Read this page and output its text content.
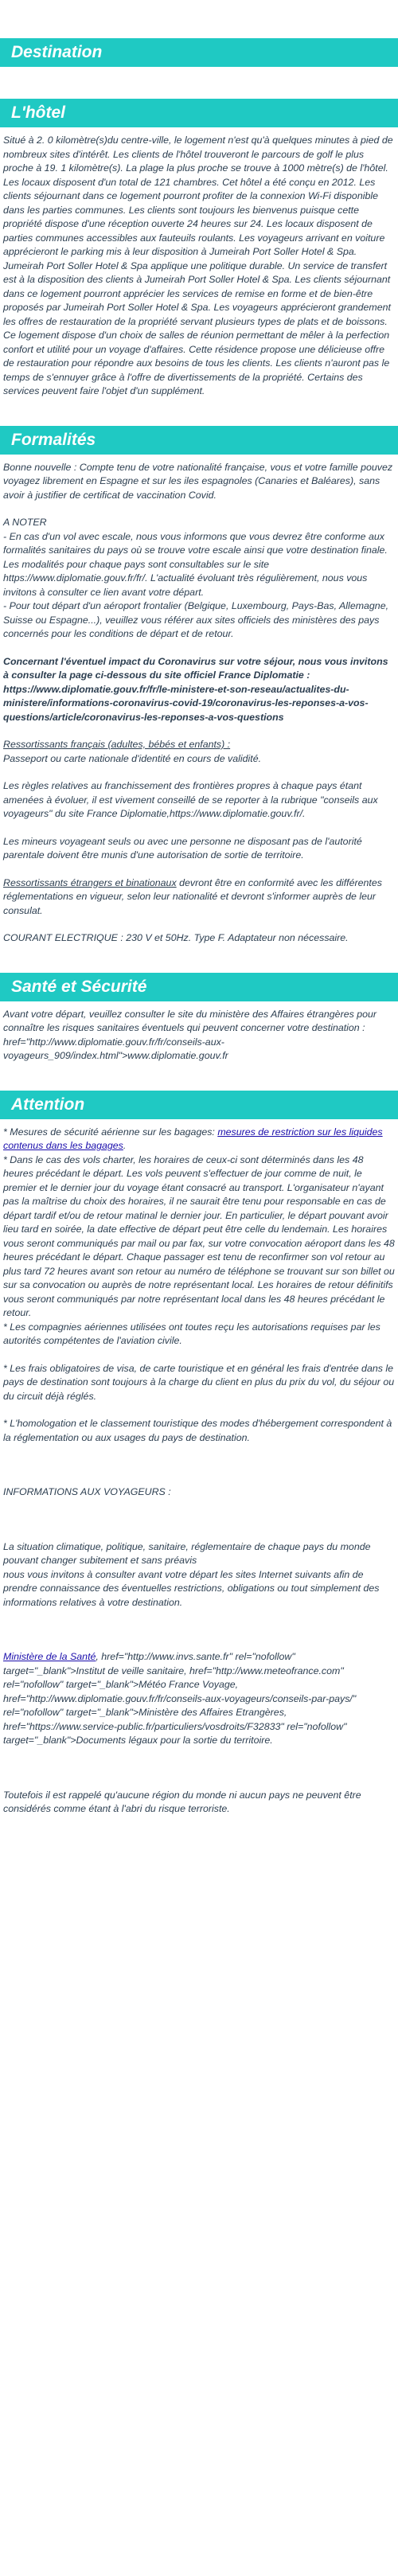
Destination
L'hôtel

Situé à 2. 0 kilomètre(s)du centre-ville, le logement n'est qu'à quelques minutes à pied de nombreux sites d'intérêt. Les clients de l'hôtel trouveront le parcours de golf le plus proche à 19. 1 kilomètre(s). La plage la plus proche se trouve à 1000 mètre(s) de l'hôtel. Les locaux disposent d'un total de 121 chambres. Cet hôtel a été conçu en 2012. Les clients séjournant dans ce logement pourront profiter de la connexion Wi-Fi disponible dans les parties communes. Les clients sont toujours les bienvenus puisque cette propriété dispose d'une réception ouverte 24 heures sur 24. Les locaux disposent de parties communes accessibles aux fauteuils roulants. Les voyageurs arrivant en voiture apprécieront le parking mis à leur disposition à Jumeirah Port Soller Hotel & Spa. Jumeirah Port Soller Hotel & Spa applique une politique durable. Un service de transfert est à la disposition des clients à Jumeirah Port Soller Hotel & Spa. Les clients séjournant dans ce logement pourront apprécier les services de remise en forme et de bien-être proposés par Jumeirah Port Soller Hotel & Spa. Les voyageurs apprécieront grandement les offres de restauration de la propriété servant plusieurs types de plats et de boissons. Ce logement dispose d'un choix de salles de réunion permettant de mêler à la perfection confort et utilité pour un voyage d'affaires. Cette résidence propose une délicieuse offre de restauration pour répondre aux besoins de tous les clients. Les clients n'auront pas le temps de s'ennuyer grâce à l'offre de divertissements de la propriété. Certains des services peuvent faire l'objet d'un supplément.

Formalités

Bonne nouvelle : Compte tenu de votre nationalité française, vous et votre famille pouvez voyagez librement en Espagne et sur les iles espagnoles (Canaries et Baléares), sans avoir à justifier de certificat de vaccination Covid.

A NOTER

- En cas d'un vol avec escale, nous vous informons que vous devrez être conforme aux formalités sanitaires du pays où se trouve votre escale ainsi que votre destination finale.

Les modalités pour chaque pays sont consultables sur le site https://www.diplomatie.gouv.fr/fr/. L'actualité évoluant très régulièrement, nous vous invitons à consulter ce lien avant votre départ.

- Pour tout départ d'un aéroport frontalier (Belgique, Luxembourg, Pays-Bas, Allemagne, Suisse ou Espagne...), veuillez vous référer aux sites officiels des ministères des pays concernés pour les conditions de départ et de retour.

Concernant l'éventuel impact du Coronavirus sur votre séjour, nous vous invitons à consulter la page ci-dessous du site officiel France Diplomatie : https://www.diplomatie.gouv.fr/fr/le-ministere-et-son-reseau/actualites-du-ministere/informations-coronavirus-covid-19/coronavirus-les-reponses-a-vos-questions/article/coronavirus-les-reponses-a-vos-questions

Ressortissants français (adultes, bébés et enfants) :

Passeport ou carte nationale d'identité en cours de validité.

Les règles relatives au franchissement des frontières propres à chaque pays étant amenées à évoluer, il est vivement conseillé de se reporter à la rubrique "conseils aux voyageurs" du site France Diplomatie,https://www.diplomatie.gouv.fr/.

Les mineurs voyageant seuls ou avec une personne ne disposant pas de l'autorité parentale doivent être munis d'une autorisation de sortie de territoire.

Ressortissants étrangers et binationaux devront être en conformité avec les différentes réglementations en vigueur, selon leur nationalité et devront s'informer auprès de leur consulat.

COURANT ELECTRIQUE : 230 V et 50Hz. Type F. Adaptateur non nécessaire.

Santé et Sécurité

Avant votre départ, veuillez consulter le site du ministère des Affaires étrangères pour connaître les risques sanitaires éventuels qui peuvent concerner votre destination : href="http://www.diplomatie.gouv.fr/fr/conseils-aux-voyageurs_909/index.html">www.diplomatie.gouv.fr

Attention

* Mesures de sécurité aérienne sur les bagages: mesures de restriction sur les liquides contenus dans les bagages.

* Dans le cas des vols charter, les horaires de ceux-ci sont déterminés dans les 48 heures précédant le départ. Les vols peuvent s'effectuer de jour comme de nuit, le premier et le dernier jour du voyage étant consacré au transport. L'organisateur n'ayant pas la maîtrise du choix des horaires, il ne saurait être tenu pour responsable en cas de départ tardif et/ou de retour matinal le dernier jour. En particulier, le départ pouvant avoir lieu tard en soirée, la date effective de départ peut être celle du lendemain. Les horaires vous seront communiqués par mail ou par fax, sur votre convocation aéroport dans les 48 heures précédant le départ. Chaque passager est tenu de reconfirmer son vol retour au plus tard 72 heures avant son retour au numéro de téléphone se trouvant sur son billet ou sur sa convocation ou auprès de notre représentant local. Les horaires de retour définitifs vous seront communiqués par notre représentant local dans les 48 heures précédant le retour.

* Les compagnies aériennes utilisées ont toutes reçu les autorisations requises par les autorités compétentes de l'aviation civile.

* Les frais obligatoires de visa, de carte touristique et en général les frais d'entrée dans le pays de destination sont toujours à la charge du client en plus du prix du vol, du séjour ou du circuit déjà réglés.

* L'homologation et le classement touristique des modes d'hébergement correspondent à la réglementation ou aux usages du pays de destination.

INFORMATIONS AUX VOYAGEURS :

La situation climatique, politique, sanitaire, réglementaire de chaque pays du monde pouvant changer subitement et sans préavis

nous vous invitons à consulter avant votre départ les sites Internet suivants afin de prendre connaissance des éventuelles restrictions, obligations ou tout simplement des informations relatives à votre destination.

Ministère de la Santé, href="http://www.invs.sante.fr" rel="nofollow" target="_blank">Institut de veille sanitaire, href="http://www.meteofrance.com" rel="nofollow" target="_blank">Météo France Voyage, href="http://www.diplomatie.gouv.fr/fr/conseils-aux-voyageurs/conseils-par-pays/" rel="nofollow" target="_blank">Ministère des Affaires Etrangères, href="https://www.service-public.fr/particuliers/vosdroits/F32833" rel="nofollow" target="_blank">Documents légaux pour la sortie du territoire.

Toutefois il est rappelé qu'aucune région du monde ni aucun pays ne peuvent être considérés comme étant à l'abri du risque terroriste.
